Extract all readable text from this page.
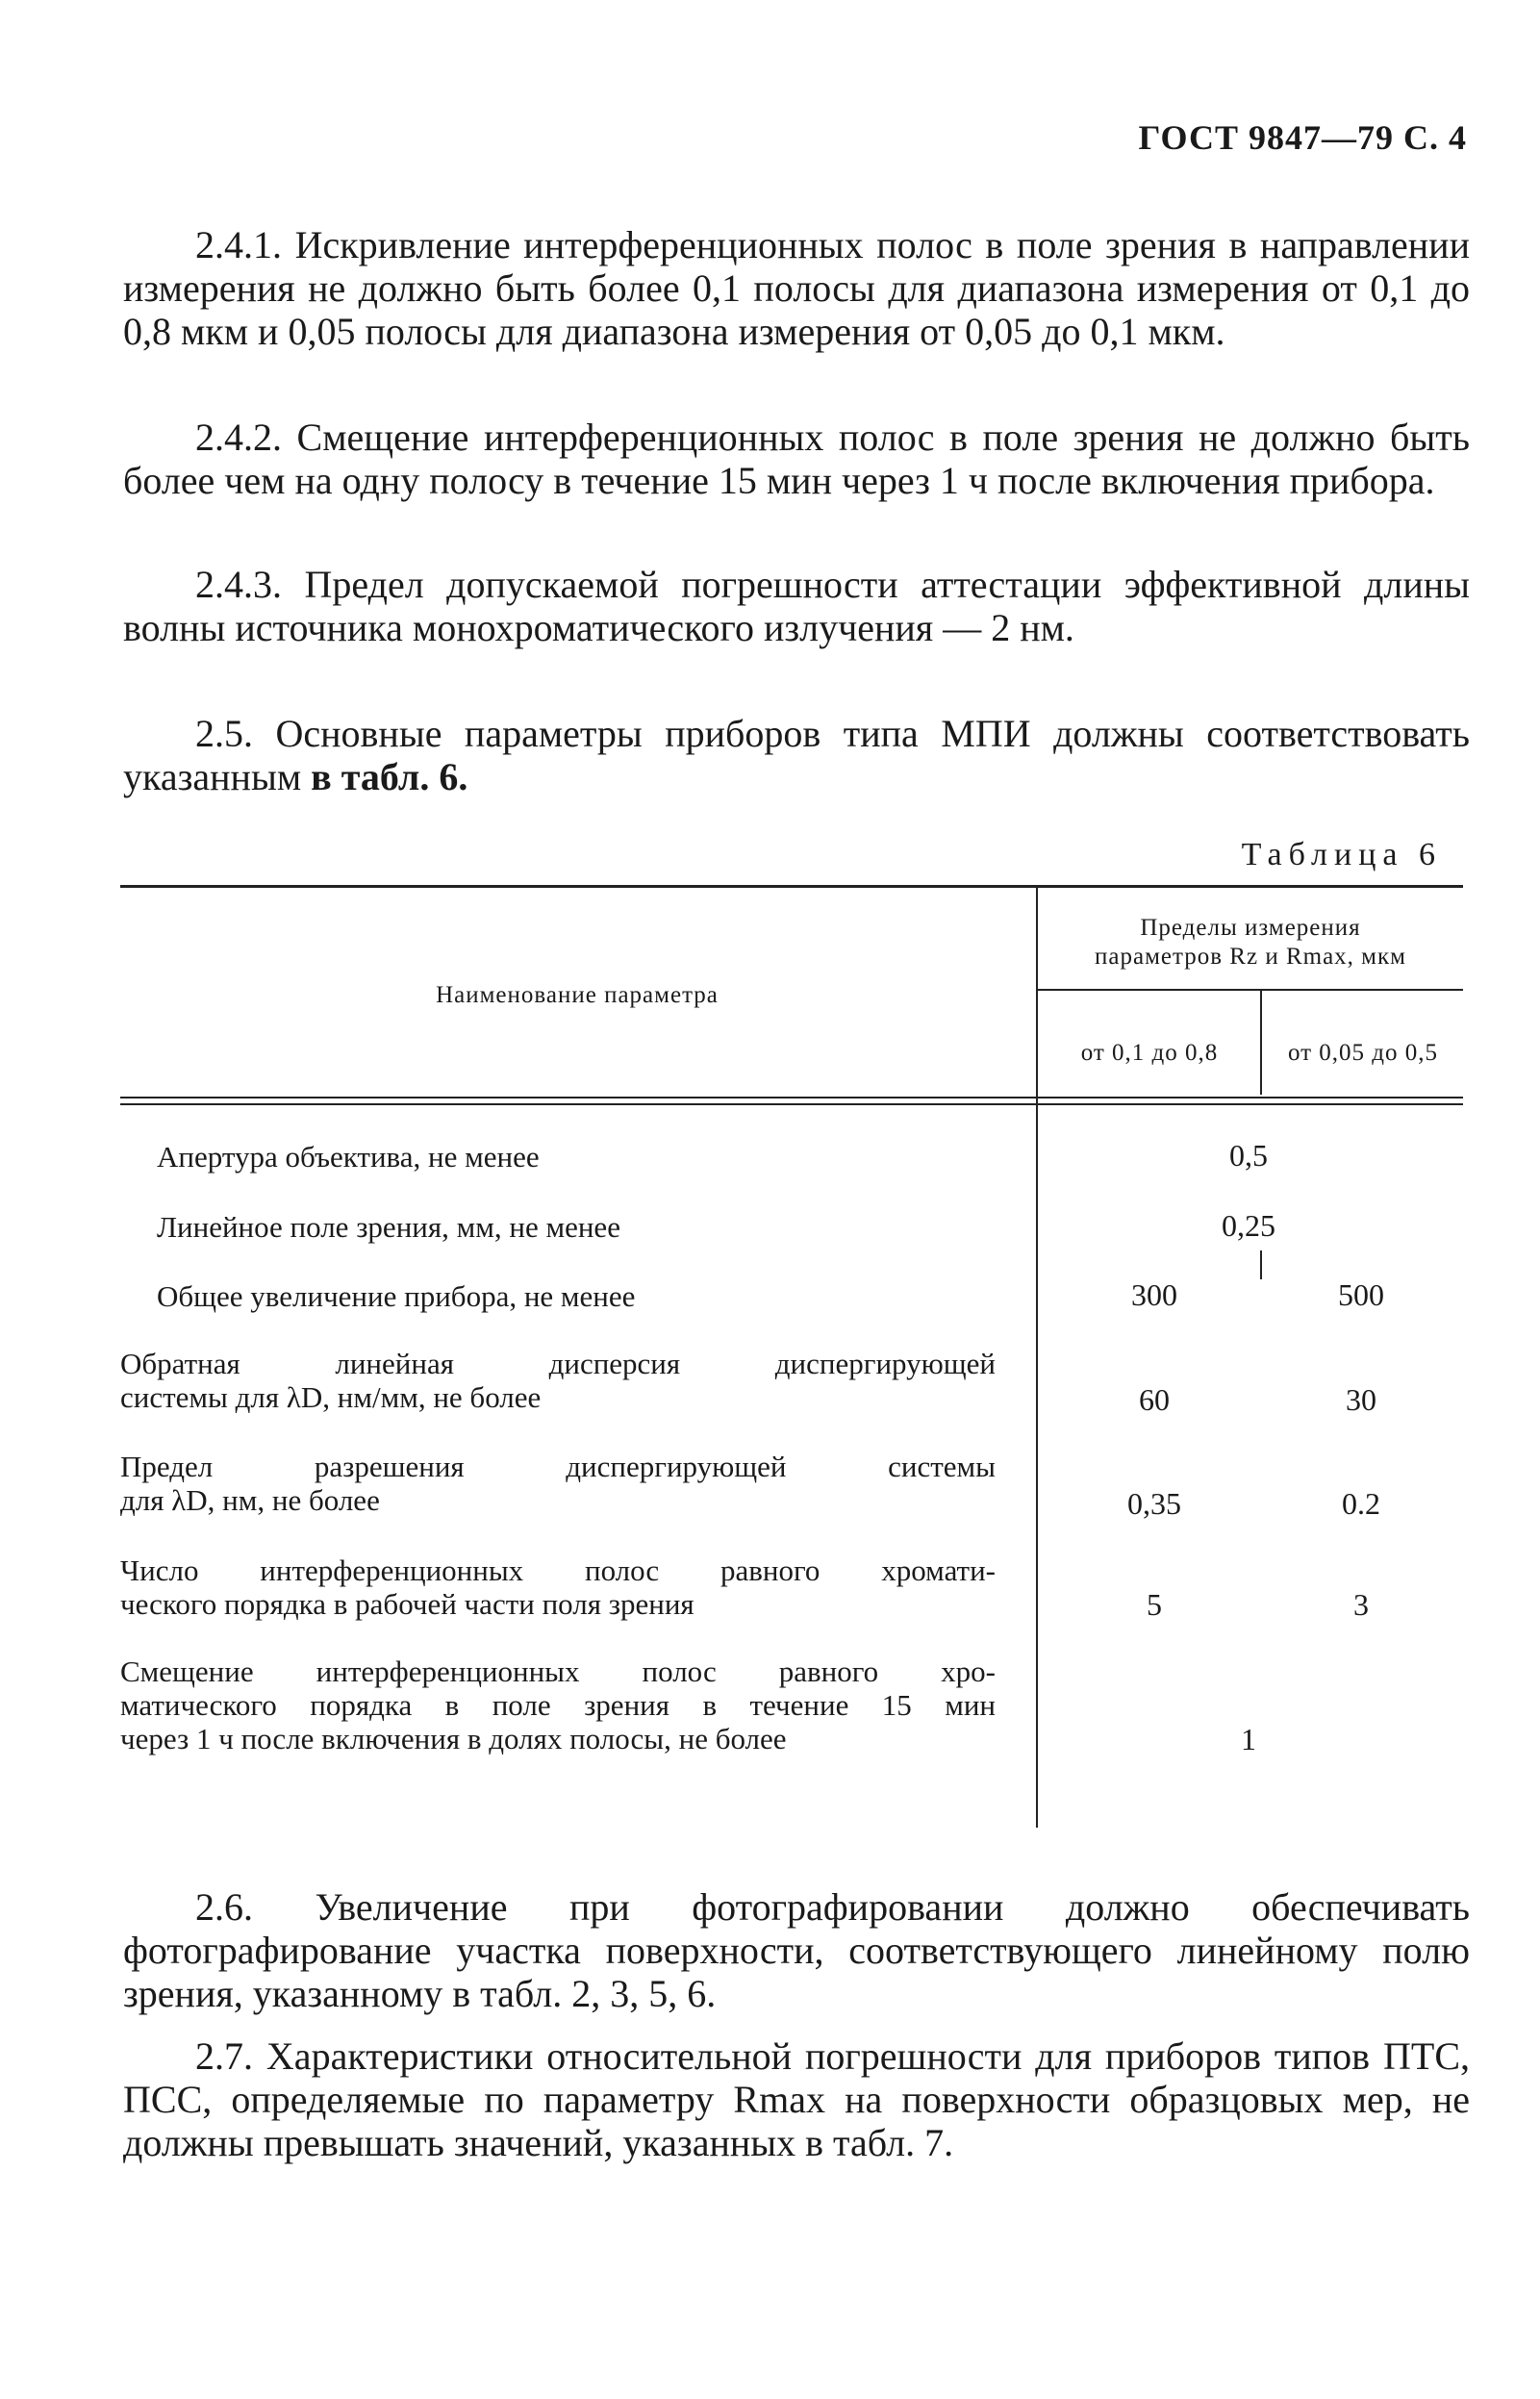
ГОСТ 9847—79 С. 4

2.4.1. Искривление интерференционных полос в поле зрения в направлении измерения не должно быть более 0,1 полосы для диапазона измерения от 0,1 до 0,8 мкм и 0,05 полосы для диапазона измерения от 0,05 до 0,1 мкм.

2.4.2. Смещение интерференционных полос в поле зрения не должно быть более чем на одну полосу в течение 15 мин через 1 ч после включения прибора.

2.4.3. Предел допускаемой погрешности аттестации эффективной длины волны источника монохроматического излучения — 2 нм.

2.5. Основные параметры приборов типа МПИ должны соответствовать указанным в табл. 6.

Таблица 6
Наименование параметра
Пределы измерения
параметров Rz и Rmax, мкм
от 0,1 до 0,8	от 0,05 до 0,5
Апертура объектива, не менее	0,5
Линейное поле зрения, мм, не менее	0,25
Общее увеличение прибора, не менее	300	500
Обратная линейная дисперсия диспергирующей
системы для λD, нм/мм, не более	60	30
Предел разрешения диспергирующей системы
для λD, нм, не более	0,35	0.2
Число интерференционных полос равного хромати-
ческого порядка в рабочей части поля зрения	5	3
Смещение интерференционных полос равного хро-
матического порядка в поле зрения в течение 15 мин
через 1 ч после включения в долях полосы, не более	1

2.6. Увеличение при фотографировании должно обеспечивать фотографирование участка поверхности, соответствующего линейному полю зрения, указанному в табл. 2, 3, 5, 6.

2.7. Характеристики относительной погрешности для приборов типов ПТС, ПСС, определяемые по параметру Rmax на поверхности образцовых мер, не должны превышать значений, указанных в табл. 7.
